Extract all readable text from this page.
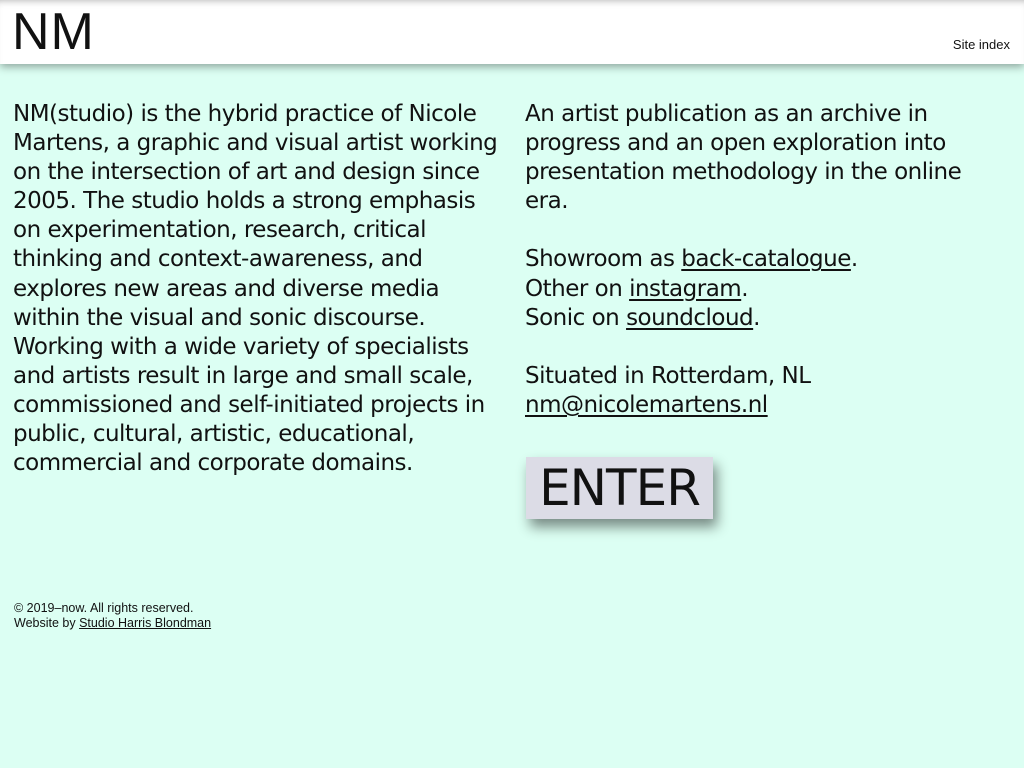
NM	Site index

NM(studio) is the hybrid practice of Nicole Martens, a graphic and visual artist working on the intersection of art and design since 2005. The studio holds a strong emphasis on experimentation, research, critical thinking and context-awareness, and explores new areas and diverse media within the visual and sonic discourse. Working with a wide variety of specialists and artists result in large and small scale, commissioned and self-initiated projects in public, cultural, artistic, educational, commercial and corporate domains.

An artist publication as an archive in progress and an open exploration into presentation methodology in the online era.

Showroom as back-catalogue.

Other on instagram.

Sonic on soundcloud.

Situated in Rotterdam, NL

nm@nicolemartens.nl

ENTER
© 2019–now. All rights reserved.
Website by Studio Harris Blondman
